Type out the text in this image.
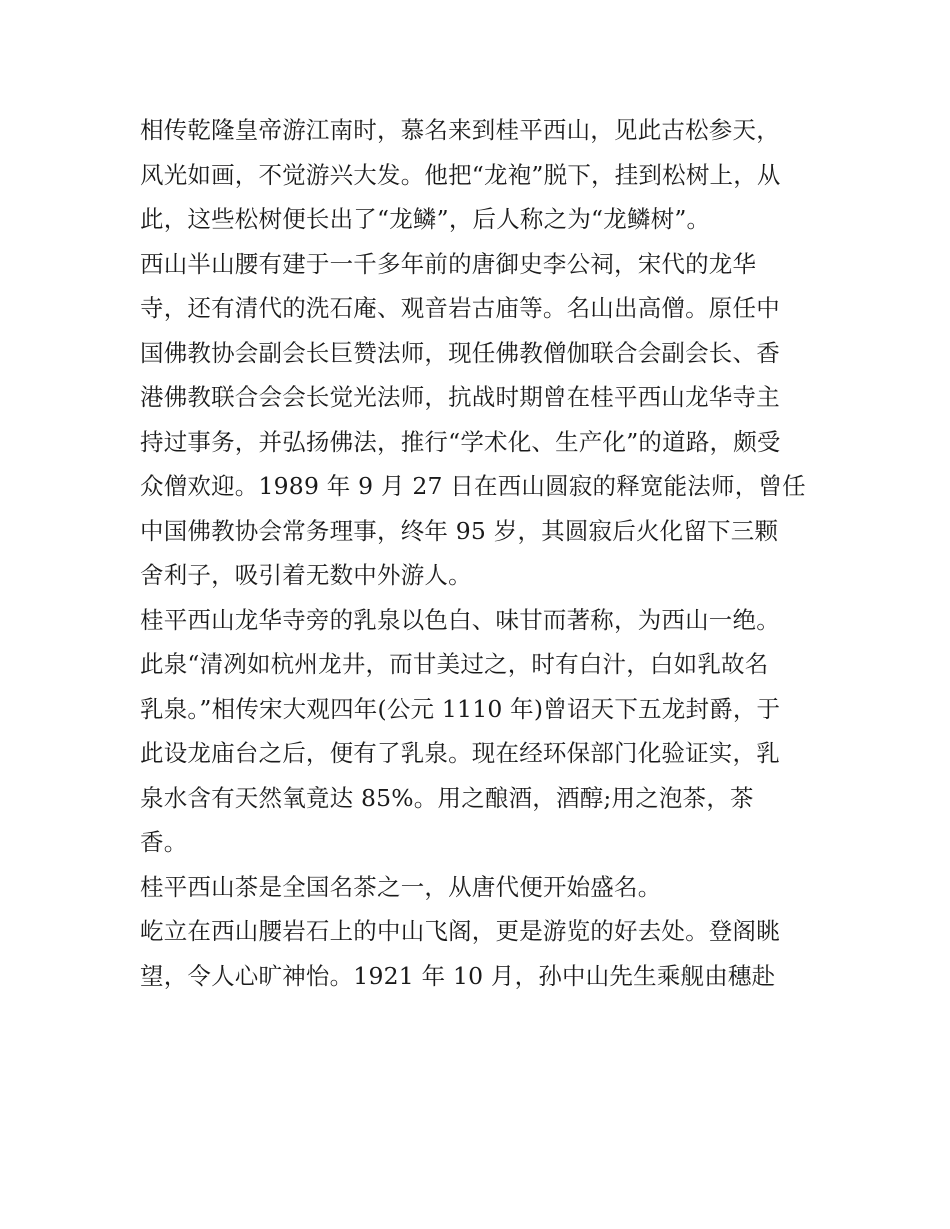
相传乾隆皇帝游江南时，慕名来到桂平西山，见此古松参天，
风光如画，不觉游兴大发。他把“龙袍”脱下，挂到松树上，从
此，这些松树便长出了“龙鳞”，后人称之为“龙鳞树”。
西山半山腰有建于一千多年前的唐御史李公祠，宋代的龙华
寺，还有清代的洗石庵、观音岩古庙等。名山出高僧。原任中
国佛教协会副会长巨赞法师，现任佛教僧伽联合会副会长、香
港佛教联合会会长觉光法师，抗战时期曾在桂平西山龙华寺主
持过事务，并弘扬佛法，推行“学术化、生产化”的道路，颇受
众僧欢迎。1989 年 9 月 27 日在西山圆寂的释宽能法师，曾任
中国佛教协会常务理事，终年 95 岁，其圆寂后火化留下三颗
舍利子，吸引着无数中外游人。
桂平西山龙华寺旁的乳泉以色白、味甘而著称，为西山一绝。
此泉“清冽如杭州龙井，而甘美过之，时有白汁，白如乳故名
乳泉。”相传宋大观四年(公元 1110 年)曾诏天下五龙封爵，于
此设龙庙台之后，便有了乳泉。现在经环保部门化验证实，乳
泉水含有天然氧竟达 85%。用之酿酒，酒醇;用之泡茶，茶
香。
桂平西山茶是全国名茶之一，从唐代便开始盛名。
屹立在西山腰岩石上的中山飞阁，更是游览的好去处。登阁眺
望，令人心旷神怡。1921 年 10 月，孙中山先生乘舰由穗赴
